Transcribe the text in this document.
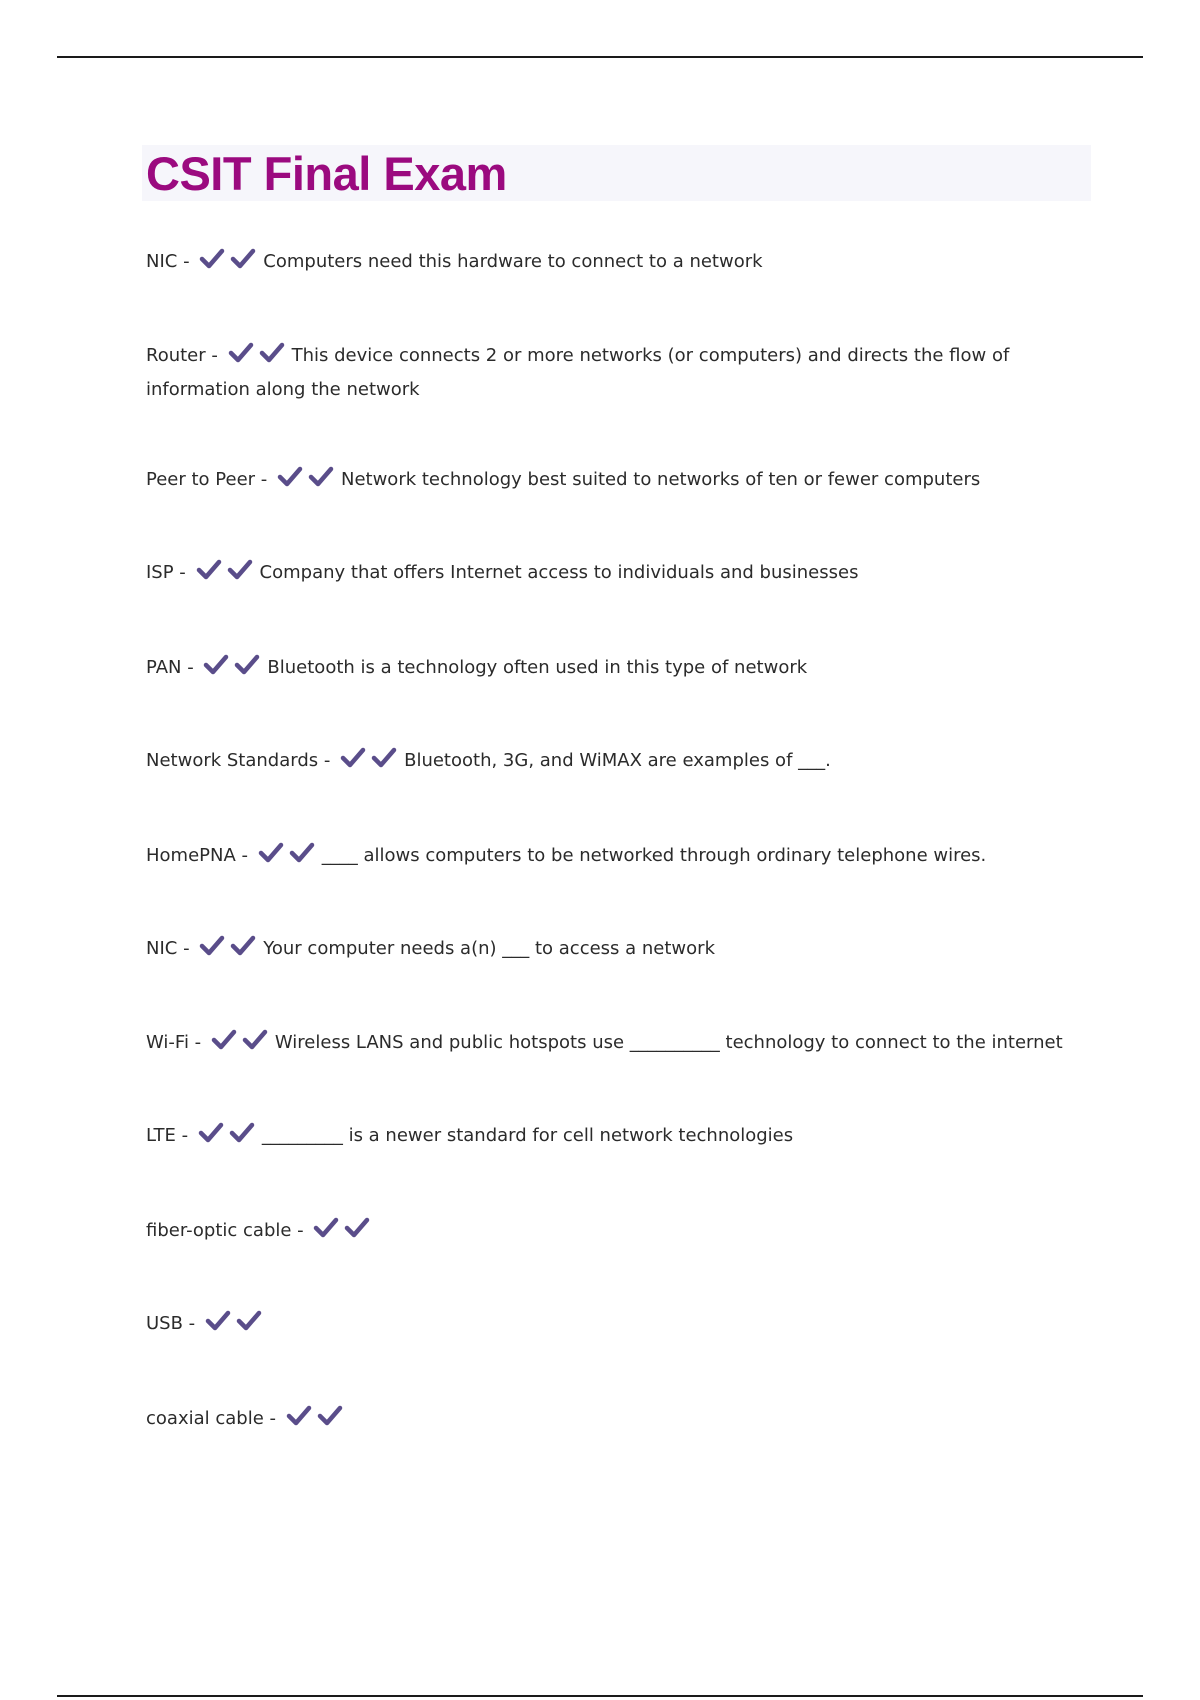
CSIT Final Exam

NIC -	Computers need this hardware to connect to a network

Router -	This device connects 2 or more networks (or computers) and directs the flow of information along the network

Peer to Peer -	Network technology best suited to networks of ten or fewer computers

ISP -	Company that offers Internet access to individuals and businesses

PAN -	Bluetooth is a technology often used in this type of network

Network Standards -	Bluetooth, 3G, and WiMAX are examples of ___.

HomePNA -	____ allows computers to be networked through ordinary telephone wires.

NIC -	Your computer needs a(n) ___ to access a network

Wi-Fi -	Wireless LANS and public hotspots use __________ technology to connect to the internet

LTE -	_________ is a newer standard for cell network technologies

fiber-optic cable -

USB -

coaxial cable -
